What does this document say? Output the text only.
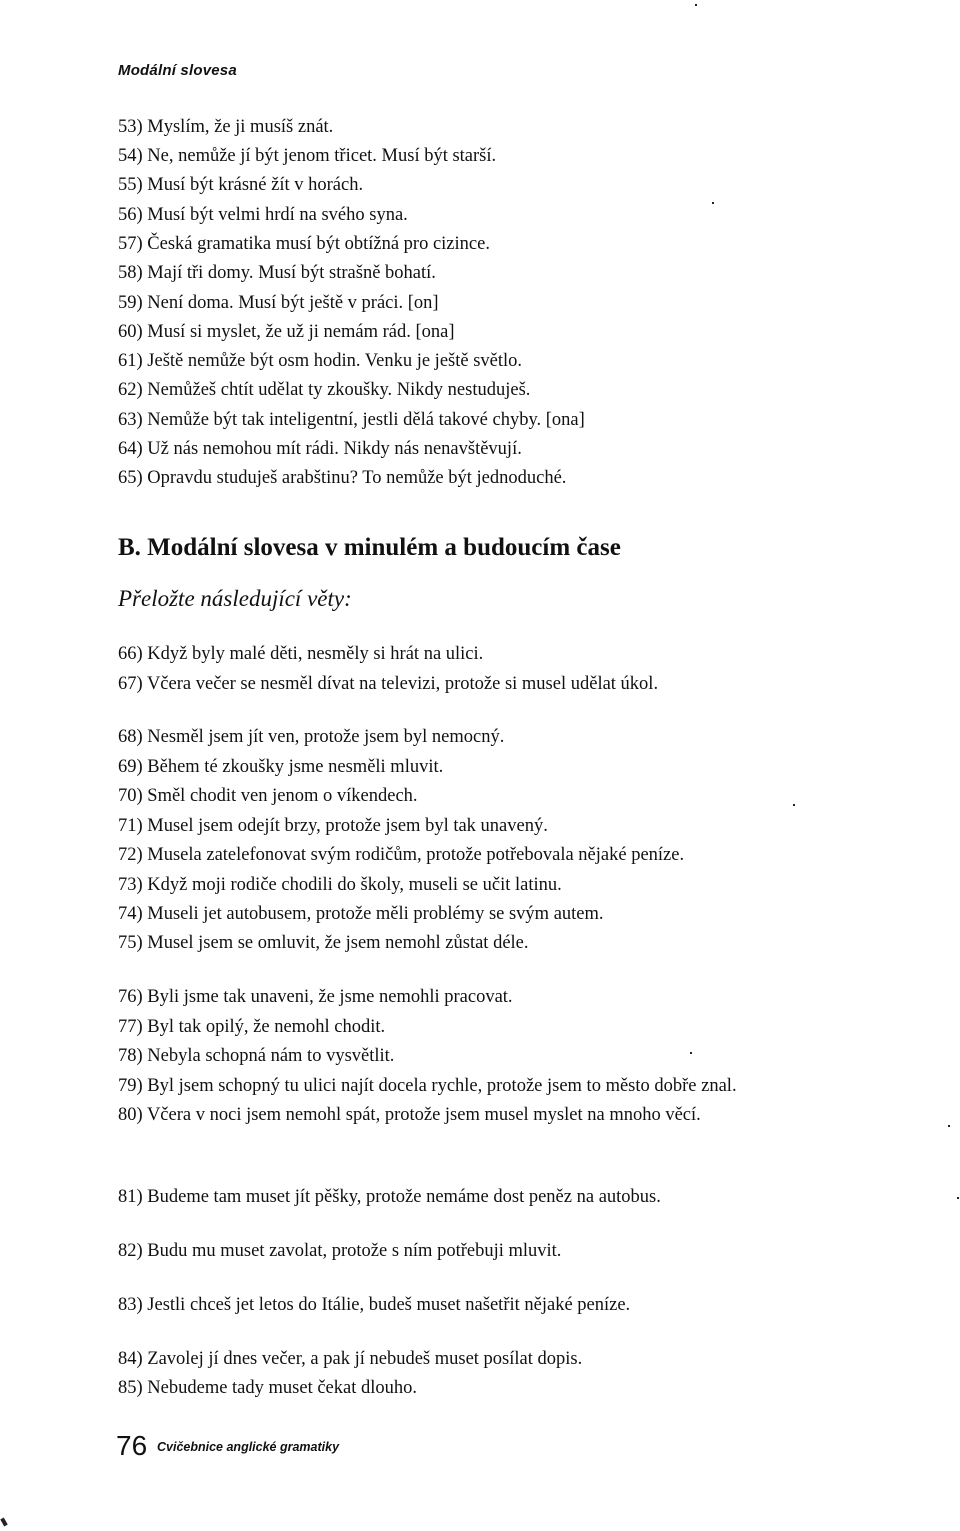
Modální slovesa
53) Myslím, že ji musíš znát.
54) Ne, nemůže jí být jenom třicet. Musí být starší.
55) Musí být krásné žít v horách.
56) Musí být velmi hrdí na svého syna.
57) Česká gramatika musí být obtížná pro cizince.
58) Mají tři domy. Musí být strašně bohatí.
59) Není doma. Musí být ještě v práci. [on]
60) Musí si myslet, že už ji nemám rád. [ona]
61) Ještě nemůže být osm hodin. Venku je ještě světlo.
62) Nemůžeš chtít udělat ty zkoušky. Nikdy nestuduješ.
63) Nemůže být tak inteligentní, jestli dělá takové chyby. [ona]
64) Už nás nemohou mít rádi. Nikdy nás nenavštěvují.
65) Opravdu studuješ arabštinu? To nemůže být jednoduché.
B. Modální slovesa v minulém a budoucím čase
Přeložte následující věty:
66) Když byly malé děti, nesměly si hrát na ulici.
67) Včera večer se nesměl dívat na televizi, protože si musel udělat úkol.
68) Nesměl jsem jít ven, protože jsem byl nemocný.
69) Během té zkoušky jsme nesměli mluvit.
70) Směl chodit ven jenom o víkendech.
71) Musel jsem odejít brzy, protože jsem byl tak unavený.
72) Musela zatelefonovat svým rodičům, protože potřebovala nějaké peníze.
73) Když moji rodiče chodili do školy, museli se učit latinu.
74) Museli jet autobusem, protože měli problémy se svým autem.
75) Musel jsem se omluvit, že jsem nemohl zůstat déle.
76) Byli jsme tak unaveni, že jsme nemohli pracovat.
77) Byl tak opilý, že nemohl chodit.
78) Nebyla schopná nám to vysvětlit.
79) Byl jsem schopný tu ulici najít docela rychle, protože jsem to město dobře znal.
80) Včera v noci jsem nemohl spát, protože jsem musel myslet na mnoho věcí.
81) Budeme tam muset jít pěšky, protože nemáme dost peněz na autobus.
82) Budu mu muset zavolat, protože s ním potřebuji mluvit.
83) Jestli chceš jet letos do Itálie, budeš muset našetřit nějaké peníze.
84) Zavolej jí dnes večer, a pak jí nebudeš muset posílat dopis.
85) Nebudeme tady muset čekat dlouho.
76 Cvičebnice anglické gramatiky
